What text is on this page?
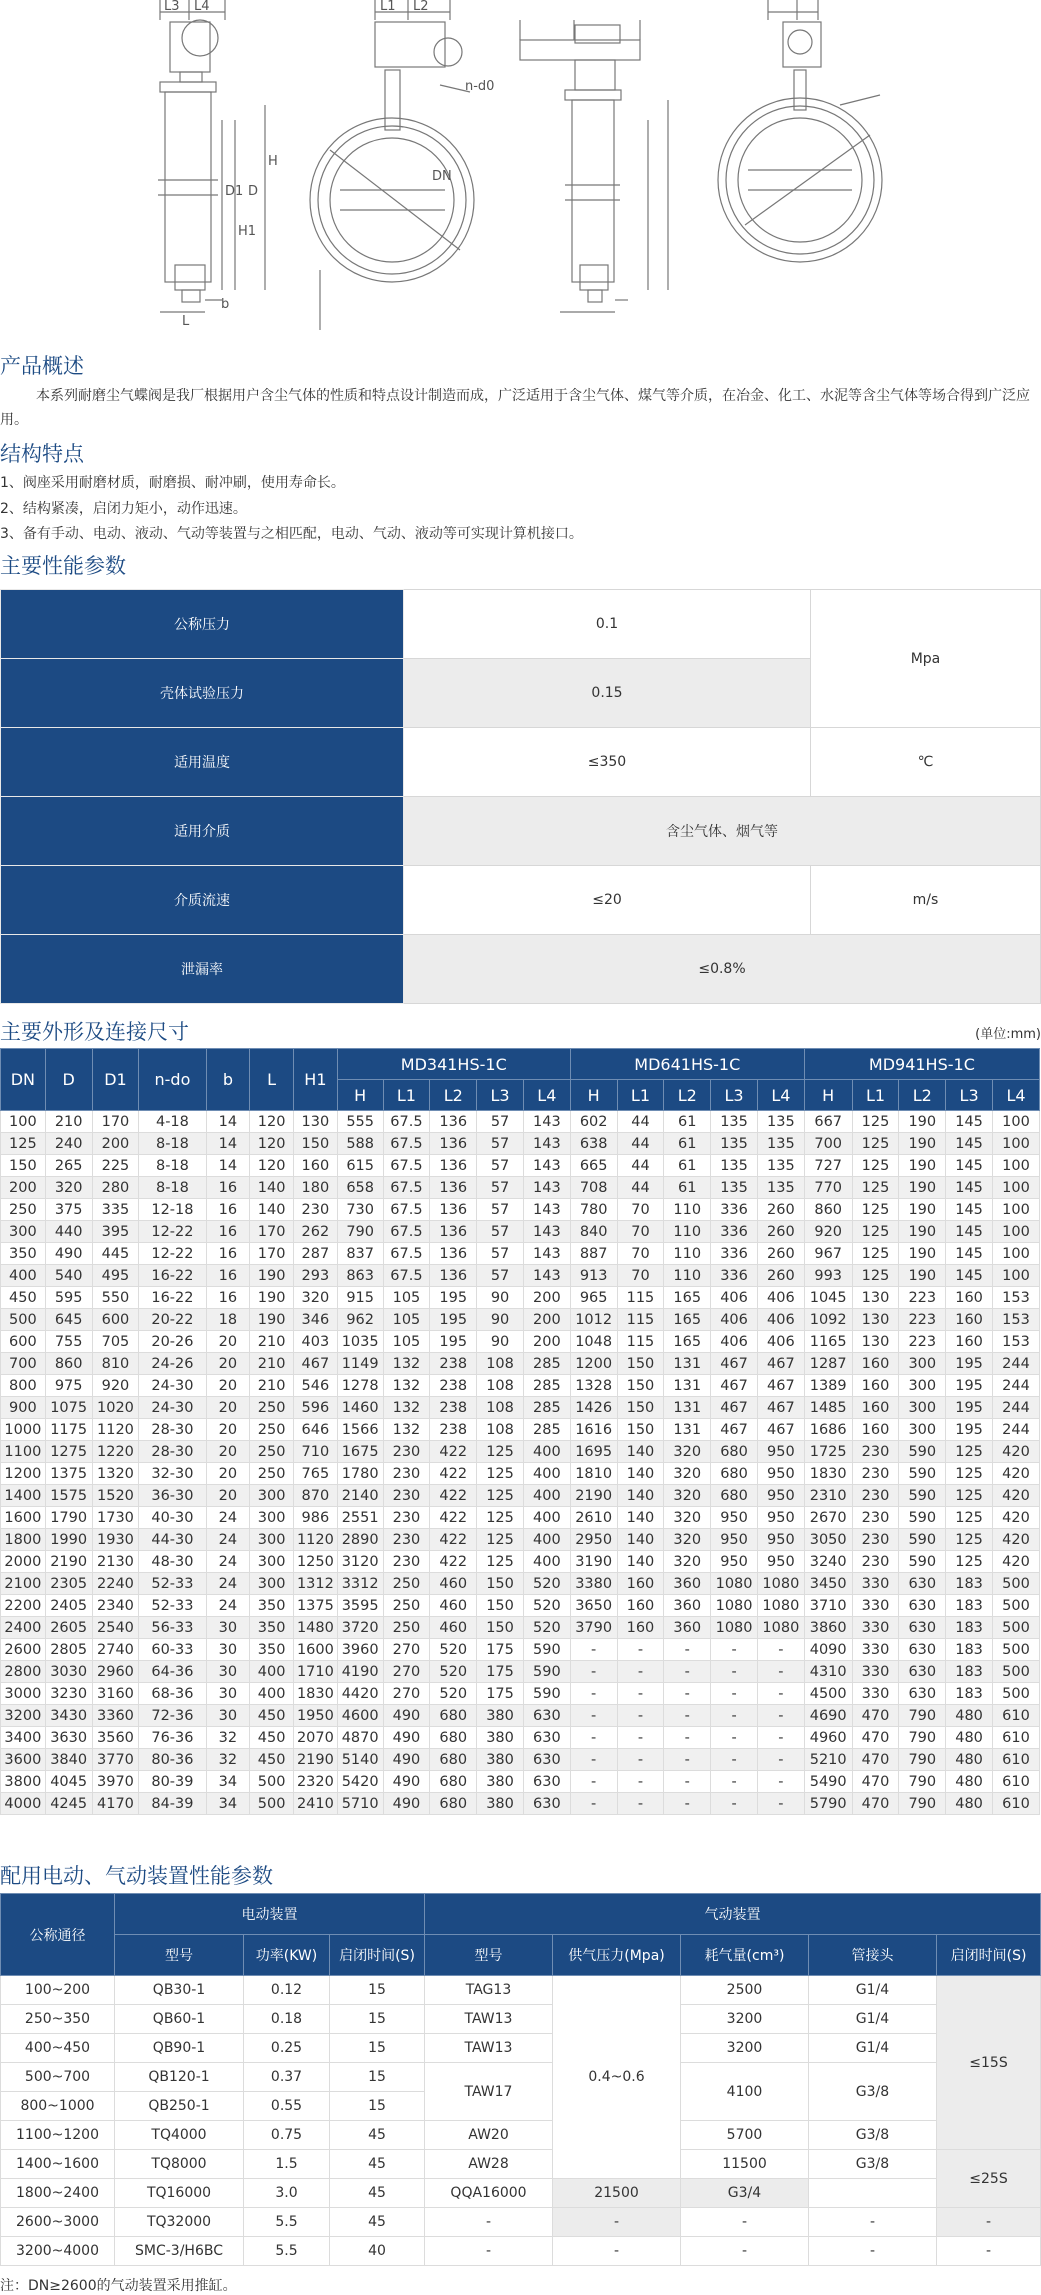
L3 L4	L1 L2
n-d0
H
H1
D1 D
DN
L
b
产品概述
本系列耐磨尘气蝶阀是我厂根据用户含尘气体的性质和特点设计制造而成，广泛适用于含尘气体、煤气等介质，在冶金、化工、水泥等含尘气体等场合得到广泛应用。
结构特点
1、阀座采用耐磨材质，耐磨损、耐冲刷，使用寿命长。
2、结构紧凑，启闭力矩小，动作迅速。
3、备有手动、电动、液动、气动等装置与之相匹配，电动、气动、液动等可实现计算机接口。
主要性能参数
公称压力	0.1	Mpa
壳体试验压力	0.15	
适用温度	≤350	℃
适用介质	含尘气体、烟气等	
介质流速	≤20	m/s
泄漏率	≤0.8%	
主要外形及连接尺寸	(单位:mm)
DN	D	D1	n-do	b	L	H1	MD341HS-1C					MD641HS-1C					MD941HS-1C				
							H	L1	L2	L3	L4	H	L1	L2	L3	L4	H	L1	L2	L3	L4
100	210	170	4-18	14	120	130	555	67.5	136	57	143	602	44	61	135	135	667	125	190	145	100
125	240	200	8-18	14	120	150	588	67.5	136	57	143	638	44	61	135	135	700	125	190	145	100
150	265	225	8-18	14	120	160	615	67.5	136	57	143	665	44	61	135	135	727	125	190	145	100
200	320	280	8-18	16	140	180	658	67.5	136	57	143	708	44	61	135	135	770	125	190	145	100
250	375	335	12-18	16	140	230	730	67.5	136	57	143	780	70	110	336	260	860	125	190	145	100
300	440	395	12-22	16	170	262	790	67.5	136	57	143	840	70	110	336	260	920	125	190	145	100
350	490	445	12-22	16	170	287	837	67.5	136	57	143	887	70	110	336	260	967	125	190	145	100
400	540	495	16-22	16	190	293	863	67.5	136	57	143	913	70	110	336	260	993	125	190	145	100
450	595	550	16-22	16	190	320	915	105	195	90	200	965	115	165	406	406	1045	130	223	160	153
500	645	600	20-22	18	190	346	962	105	195	90	200	1012	115	165	406	406	1092	130	223	160	153
600	755	705	20-26	20	210	403	1035	105	195	90	200	1048	115	165	406	406	1165	130	223	160	153
700	860	810	24-26	20	210	467	1149	132	238	108	285	1200	150	131	467	467	1287	160	300	195	244
800	975	920	24-30	20	210	546	1278	132	238	108	285	1328	150	131	467	467	1389	160	300	195	244
900	1075	1020	24-30	20	250	596	1460	132	238	108	285	1426	150	131	467	467	1485	160	300	195	244
1000	1175	1120	28-30	20	250	646	1566	132	238	108	285	1616	150	131	467	467	1686	160	300	195	244
1100	1275	1220	28-30	20	250	710	1675	230	422	125	400	1695	140	320	680	950	1725	230	590	125	420
1200	1375	1320	32-30	20	250	765	1780	230	422	125	400	1810	140	320	680	950	1830	230	590	125	420
1400	1575	1520	36-30	20	300	870	2140	230	422	125	400	2190	140	320	680	950	2310	230	590	125	420
1600	1790	1730	40-30	24	300	986	2551	230	422	125	400	2610	140	320	950	950	2670	230	590	125	420
1800	1990	1930	44-30	24	300	1120	2890	230	422	125	400	2950	140	320	950	950	3050	230	590	125	420
2000	2190	2130	48-30	24	300	1250	3120	230	422	125	400	3190	140	320	950	950	3240	230	590	125	420
2100	2305	2240	52-33	24	300	1312	3312	250	460	150	520	3380	160	360	1080	1080	3450	330	630	183	500
2200	2405	2340	52-33	24	350	1375	3595	250	460	150	520	3650	160	360	1080	1080	3710	330	630	183	500
2400	2605	2540	56-33	30	350	1480	3720	250	460	150	520	3790	160	360	1080	1080	3860	330	630	183	500
2600	2805	2740	60-33	30	350	1600	3960	270	520	175	590	-	-	-	-	-	4090	330	630	183	500
2800	3030	2960	64-36	30	400	1710	4190	270	520	175	590	-	-	-	-	-	4310	330	630	183	500
3000	3230	3160	68-36	30	400	1830	4420	270	520	175	590	-	-	-	-	-	4500	330	630	183	500
3200	3430	3360	72-36	30	450	1950	4600	490	680	380	630	-	-	-	-	-	4690	470	790	480	610
3400	3630	3560	76-36	32	450	2070	4870	490	680	380	630	-	-	-	-	-	4960	470	790	480	610
3600	3840	3770	80-36	32	450	2190	5140	490	680	380	630	-	-	-	-	-	5210	470	790	480	610
3800	4045	3970	80-39	34	500	2320	5420	490	680	380	630	-	-	-	-	-	5490	470	790	480	610
4000	4245	4170	84-39	34	500	2410	5710	490	680	380	630	-	-	-	-	-	5790	470	790	480	610
配用电动、气动装置性能参数
公称通径	电动装置			气动装置				
	型号	功率(KW)	启闭时间(S)	型号	供气压力(Mpa)	耗气量(cm³)	管接头	启闭时间(S)
100~200	QB30-1	0.12	15	TAG13	0.4~0.6	2500	G1/4	≤15S
250~350	QB60-1	0.18	15	TAW13		3200	G1/4	
400~450	QB90-1	0.25	15	TAW13		3200	G1/4	
500~700	QB120-1	0.37	15	TAW17		4100	G3/8	
800~1000	QB250-1	0.55	15					
1100~1200	TQ4000	0.75	45	AW20		5700	G3/8	
1400~1600	TQ8000	1.5	45	AW28		11500	G3/8	≤25S
1800~2400	TQ16000	3.0	45	QQA16000	21500	G3/4		
2600~3000	TQ32000	5.5	45	-	-	-	-	-
3200~4000	SMC-3/H6BC	5.5	40	-	-	-	-	-
注：DN≥2600的气动装置采用推缸。
